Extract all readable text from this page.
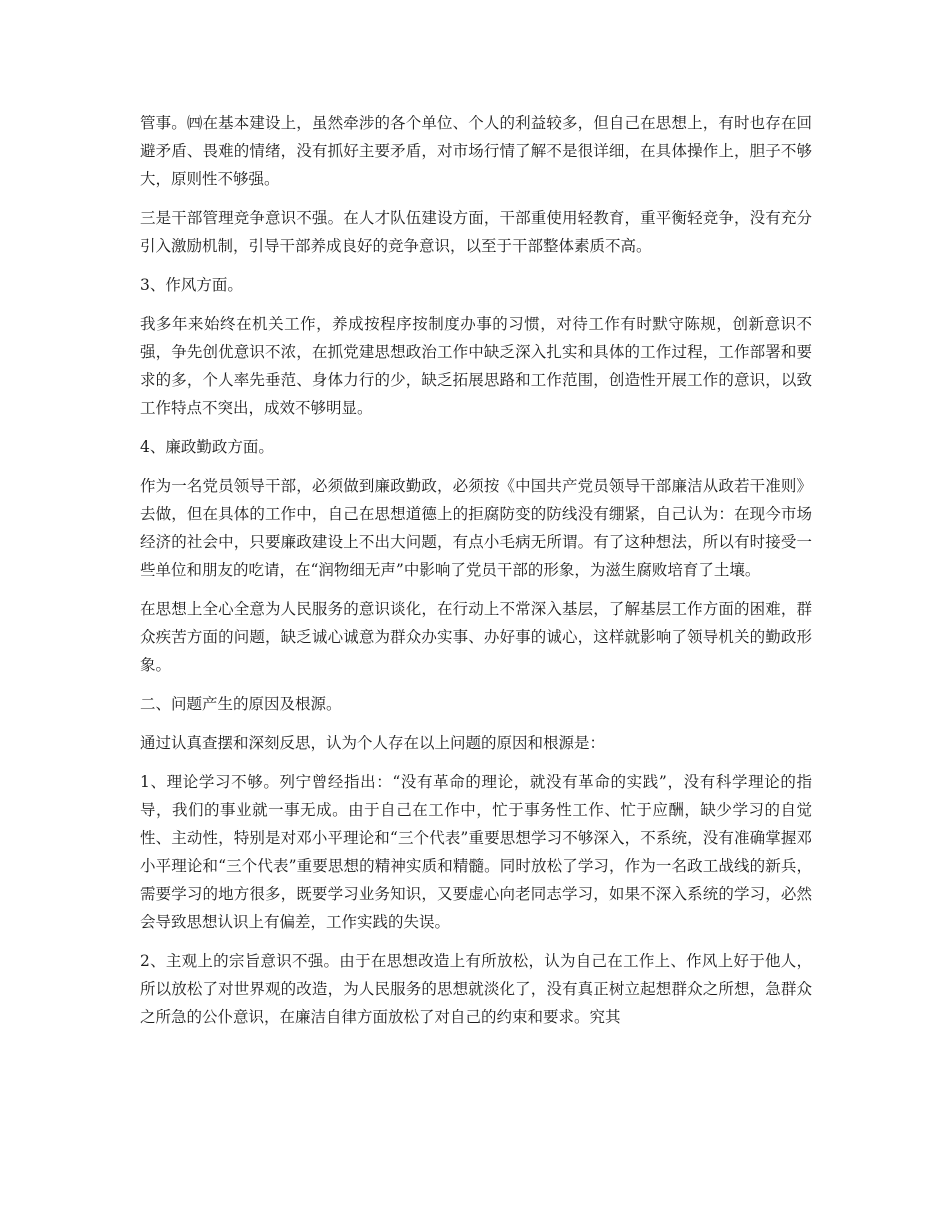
管事。㈣在基本建设上，虽然牵涉的各个单位、个人的利益较多，但自己在思想上，有时也存在回避矛盾、畏难的情绪，没有抓好主要矛盾，对市场行情了解不是很详细，在具体操作上，胆子不够大，原则性不够强。

三是干部管理竞争意识不强。在人才队伍建设方面，干部重使用轻教育，重平衡轻竞争，没有充分引入激励机制，引导干部养成良好的竞争意识，以至于干部整体素质不高。

3、作风方面。

我多年来始终在机关工作，养成按程序按制度办事的习惯，对待工作有时默守陈规，创新意识不强，争先创优意识不浓，在抓党建思想政治工作中缺乏深入扎实和具体的工作过程，工作部署和要求的多，个人率先垂范、身体力行的少，缺乏拓展思路和工作范围，创造性开展工作的意识，以致工作特点不突出，成效不够明显。

4、廉政勤政方面。

作为一名党员领导干部，必须做到廉政勤政，必须按《中国共产党员领导干部廉洁从政若干准则》去做，但在具体的工作中，自己在思想道德上的拒腐防变的防线没有绷紧，自己认为：在现今市场经济的社会中，只要廉政建设上不出大问题，有点小毛病无所谓。有了这种想法，所以有时接受一些单位和朋友的吃请，在“润物细无声”中影响了党员干部的形象，为滋生腐败培育了土壤。

在思想上全心全意为人民服务的意识谈化，在行动上不常深入基层，了解基层工作方面的困难，群众疾苦方面的问题，缺乏诚心诚意为群众办实事、办好事的诚心，这样就影响了领导机关的勤政形象。

二、问题产生的原因及根源。

通过认真查摆和深刻反思，认为个人存在以上问题的原因和根源是：

1、理论学习不够。列宁曾经指出：“没有革命的理论，就没有革命的实践”，没有科学理论的指导，我们的事业就一事无成。由于自己在工作中，忙于事务性工作、忙于应酬，缺少学习的自觉性、主动性，特别是对邓小平理论和“三个代表”重要思想学习不够深入，不系统，没有准确掌握邓小平理论和“三个代表”重要思想的精神实质和精髓。同时放松了学习，作为一名政工战线的新兵，需要学习的地方很多，既要学习业务知识，又要虚心向老同志学习，如果不深入系统的学习，必然会导致思想认识上有偏差，工作实践的失误。

2、主观上的宗旨意识不强。由于在思想改造上有所放松，认为自己在工作上、作风上好于他人，所以放松了对世界观的改造，为人民服务的思想就淡化了，没有真正树立起想群众之所想，急群众之所急的公仆意识，在廉洁自律方面放松了对自己的约束和要求。究其
